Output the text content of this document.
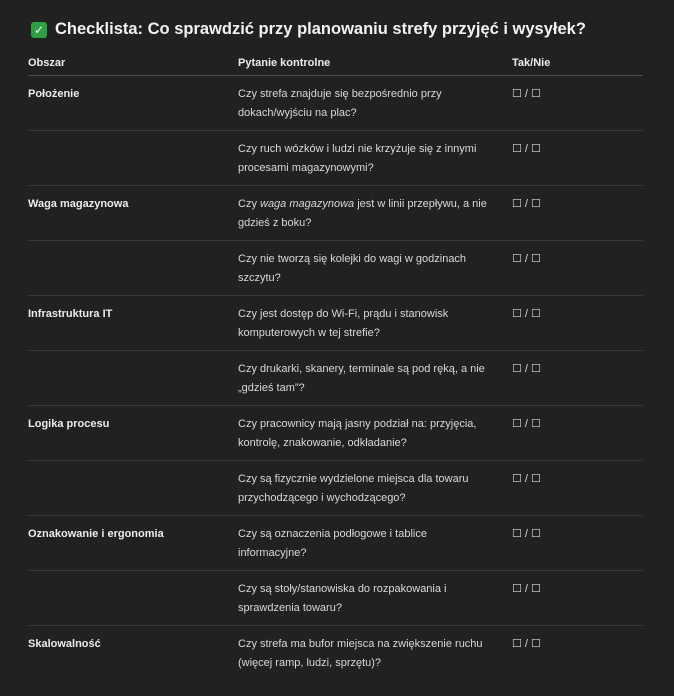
✓ Checklista: Co sprawdzić przy planowaniu strefy przyjęć i wysyłek?
Obszar	Pytanie kontrolne	Tak/Nie
Położenie	Czy strefa znajduje się bezpośrednio przy dokach/wyjściu na plac?	☐ / ☐
	Czy ruch wózków i ludzi nie krzyżuje się z innymi procesami magazynowymi?	☐ / ☐
Waga magazynowa	Czy waga magazynowa jest w linii przepływu, a nie gdzieś z boku?	☐ / ☐
	Czy nie tworzą się kolejki do wagi w godzinach szczytu?	☐ / ☐
Infrastruktura IT	Czy jest dostęp do Wi-Fi, prądu i stanowisk komputerowych w tej strefie?	☐ / ☐
	Czy drukarki, skanery, terminale są pod ręką, a nie „gdzieś tam”?	☐ / ☐
Logika procesu	Czy pracownicy mają jasny podział na: przyjęcia, kontrolę, znakowanie, odkładanie?	☐ / ☐
	Czy są fizycznie wydzielone miejsca dla towaru przychodzącego i wychodzącego?	☐ / ☐
Oznakowanie i ergonomia	Czy są oznaczenia podłogowe i tablice informacyjne?	☐ / ☐
	Czy są stoły/stanowiska do rozpakowania i sprawdzenia towaru?	☐ / ☐
Skalowalność	Czy strefa ma bufor miejsca na zwiększenie ruchu (więcej ramp, ludzi, sprzętu)?	☐ / ☐
